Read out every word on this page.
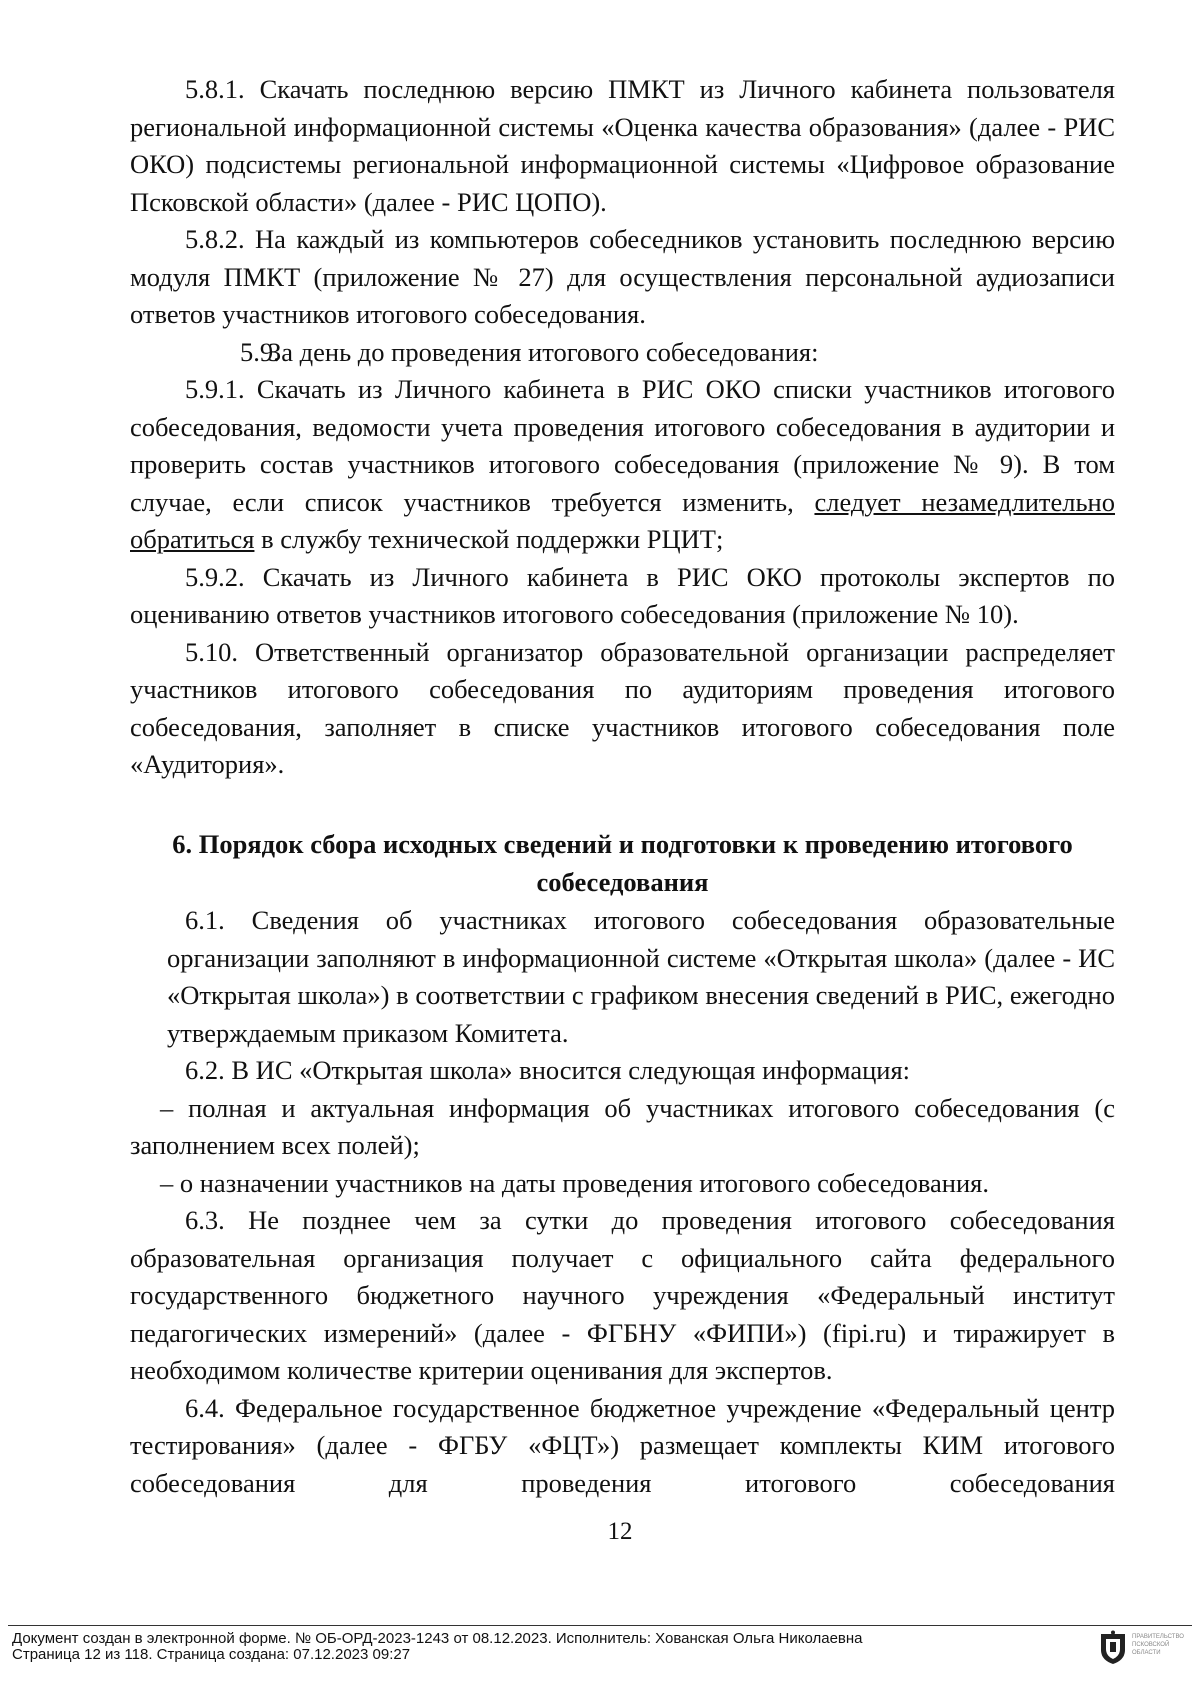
5.8.1. Скачать последнюю версию ПМКТ из Личного кабинета пользователя региональной информационной системы «Оценка качества образования» (далее - РИС ОКО) подсистемы региональной информационной системы «Цифровое образование Псковской области» (далее - РИС ЦОПО).

5.8.2. На каждый из компьютеров собеседников установить последнюю версию модуля ПМКТ (приложение № 27) для осуществления персональной аудиозаписи ответов участников итогового собеседования.

5.9.За день до проведения итогового собеседования:

5.9.1. Скачать из Личного кабинета в РИС ОКО списки участников итогового собеседования, ведомости учета проведения итогового собеседования в аудитории и проверить состав участников итогового собеседования (приложение № 9). В том случае, если список участников требуется изменить, следует незамедлительно обратиться в службу технической поддержки РЦИТ;

5.9.2. Скачать из Личного кабинета в РИС ОКО протоколы экспертов по оцениванию ответов участников итогового собеседования (приложение № 10).

5.10. Ответственный организатор образовательной организации распределяет участников итогового собеседования по аудиториям проведения итогового собеседования, заполняет в списке участников итогового собеседования поле «Аудитория».

6. Порядок сбора исходных сведений и подготовки к проведению итогового
собеседования

6.1. Сведения об участниках итогового собеседования образовательные организации заполняют в информационной системе «Открытая школа» (далее - ИС «Открытая школа») в соответствии с графиком внесения сведений в РИС, ежегодно утверждаемым приказом Комитета.

6.2. В ИС «Открытая школа» вносится следующая информация:

– полная и актуальная информация об участниках итогового собеседования (с заполнением всех полей);

– о назначении участников на даты проведения итогового собеседования.

6.3. Не позднее чем за сутки до проведения итогового собеседования образовательная организация получает с официального сайта федерального государственного бюджетного научного учреждения «Федеральный институт педагогических измерений» (далее - ФГБНУ «ФИПИ») (fipi.ru) и тиражирует в необходимом количестве критерии оценивания для экспертов.

6.4. Федеральное государственное бюджетное учреждение «Федеральный центр тестирования» (далее - ФГБУ «ФЦТ») размещает комплекты КИМ итогового собеседования для проведения итогового собеседования

12
Документ создан в электронной форме. № ОБ-ОРД-2023-1243 от 08.12.2023. Исполнитель: Хованская Ольга Николаевна
Страница 12 из 118. Страница создана: 07.12.2023 09:27
ПРАВИТЕЛЬСТВО ПСКОВСКОЙ ОБЛАСТИ
